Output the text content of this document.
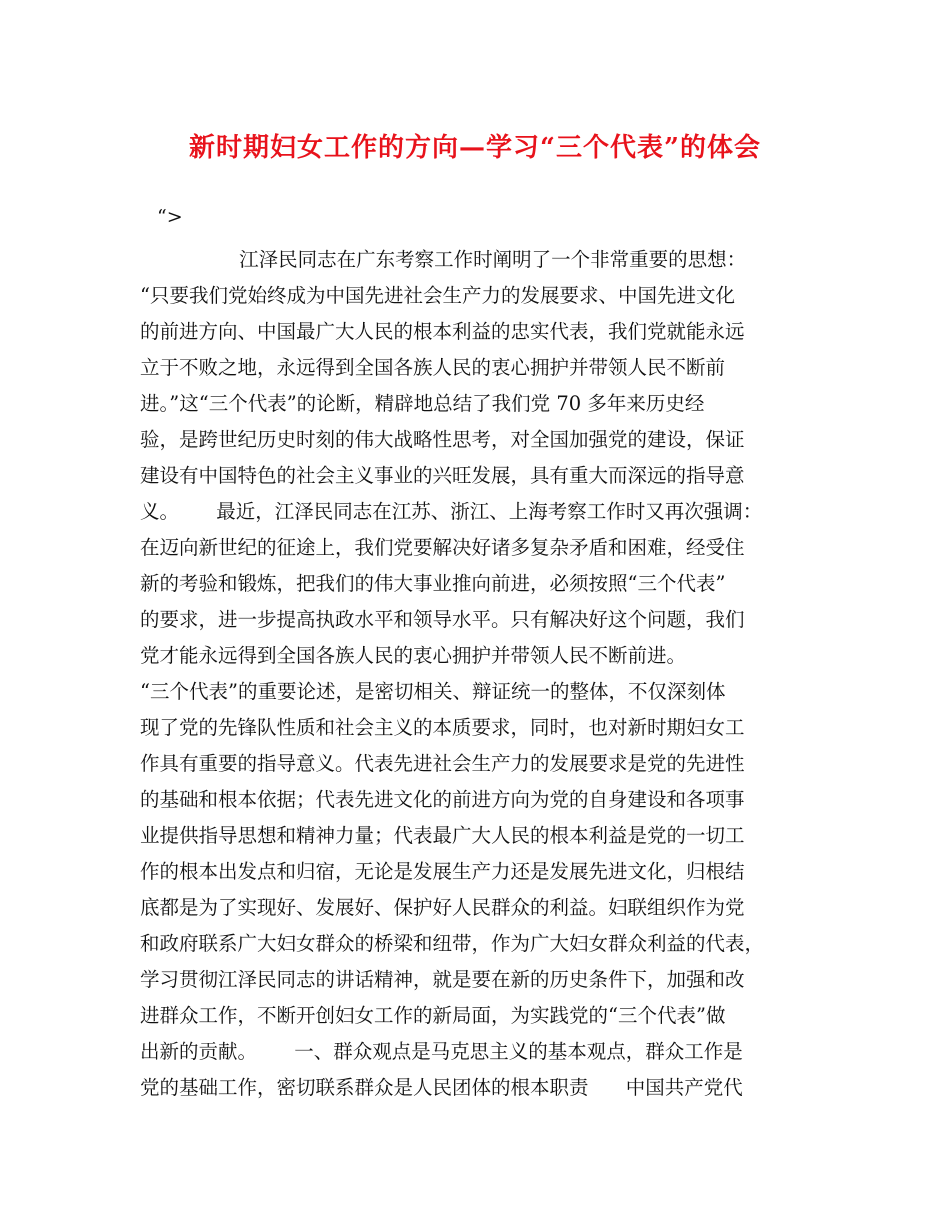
新时期妇女工作的方向—学习“三个代表”的体会

“>

江泽民同志在广东考察工作时阐明了一个非常重要的思想：
“只要我们党始终成为中国先进社会生产力的发展要求、中国先进文化
的前进方向、中国最广大人民的根本利益的忠实代表，我们党就能永远
立于不败之地，永远得到全国各族人民的衷心拥护并带领人民不断前
进。”这“三个代表”的论断，精辟地总结了我们党 70 多年来历史经
验，是跨世纪历史时刻的伟大战略性思考，对全国加强党的建设，保证
建设有中国特色的社会主义事业的兴旺发展，具有重大而深远的指导意
义。      最近，江泽民同志在江苏、浙江、上海考察工作时又再次强调：
在迈向新世纪的征途上，我们党要解决好诸多复杂矛盾和困难，经受住
新的考验和锻炼，把我们的伟大事业推向前进，必须按照“三个代表”
的要求，进一步提高执政水平和领导水平。只有解决好这个问题，我们
党才能永远得到全国各族人民的衷心拥护并带领人民不断前进。
“三个代表”的重要论述，是密切相关、辩证统一的整体，不仅深刻体
现了党的先锋队性质和社会主义的本质要求，同时，也对新时期妇女工
作具有重要的指导意义。代表先进社会生产力的发展要求是党的先进性
的基础和根本依据；代表先进文化的前进方向为党的自身建设和各项事
业提供指导思想和精神力量；代表最广大人民的根本利益是党的一切工
作的根本出发点和归宿，无论是发展生产力还是发展先进文化，归根结
底都是为了实现好、发展好、保护好人民群众的利益。妇联组织作为党
和政府联系广大妇女群众的桥梁和纽带，作为广大妇女群众利益的代表，
学习贯彻江泽民同志的讲话精神，就是要在新的历史条件下，加强和改
进群众工作，不断开创妇女工作的新局面，为实践党的“三个代表”做
出新的贡献。      一、群众观点是马克思主义的基本观点，群众工作是
党的基础工作，密切联系群众是人民团体的根本职责      中国共产党代
